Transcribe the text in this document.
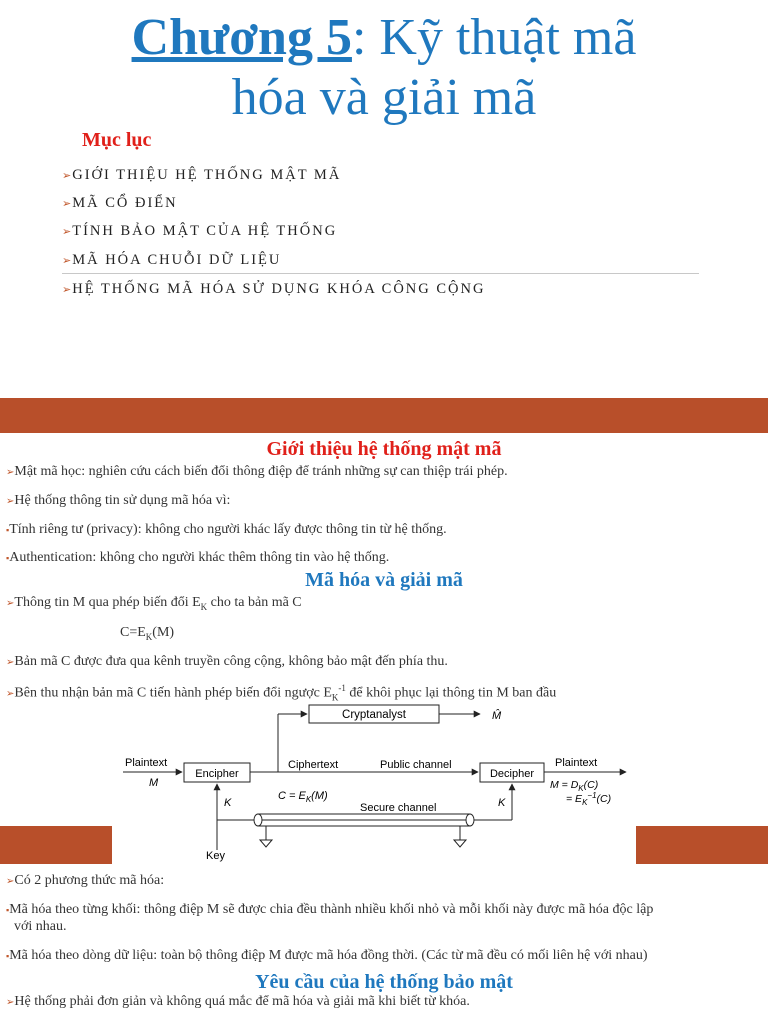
Chương 5: Kỹ thuật mã
hóa và giải mã
Mục lục
➢GIỚI THIỆU HỆ THỐNG MẬT MÃ
➢MÃ CỔ ĐIỂN
➢TÍNH BẢO MẬT CỦA HỆ THỐNG
➢MÃ HÓA CHUỖI DỮ LIỆU
➢HỆ THỐNG MÃ HÓA SỬ DỤNG KHÓA CÔNG CỘNG
Giới thiệu hệ thống mật mã
➢Mật mã học: nghiên cứu cách biến đổi thông điệp để tránh những sự can thiệp trái phép.
➢Hệ thống thông tin sử dụng mã hóa vì:
▪Tính riêng tư (privacy): không cho người khác lấy được thông tin từ hệ thống.
▪Authentication: không cho người khác thêm thông tin vào hệ thống.
Mã hóa và giải mã
➢Thông tin M qua phép biến đổi $E_K$ cho ta bản mã C
$C=E_K(M)$
➢Bản mã C được đưa qua kênh truyền công cộng, không bảo mật đến phía thu.
➢Bên thu nhận bản mã C tiến hành phép biến đổi ngược $E_K^{-1}$ để khôi phục lại thông tin M ban đầu
Cryptanalyst	M̂
Plaintext
M
Encipher
Ciphertext	Public channel
$C = E_K(M)$
Decipher
Plaintext
$M = D_K(C)$
= $E_K^{-1}(C)$
K	K
Secure channel
Key
➢Có 2 phương thức mã hóa:
▪Mã hóa theo từng khối: thông điệp M sẽ được chia đều thành nhiều khối nhỏ và mỗi khối này được mã hóa độc lập
với nhau.
▪Mã hóa theo dòng dữ liệu: toàn bộ thông điệp M được mã hóa đồng thời. (Các từ mã đều có mối liên hệ với nhau)
Yêu cầu của hệ thống bảo mật
➢Hệ thống phải đơn giản và không quá mắc để mã hóa và giải mã khi biết từ khóa.
